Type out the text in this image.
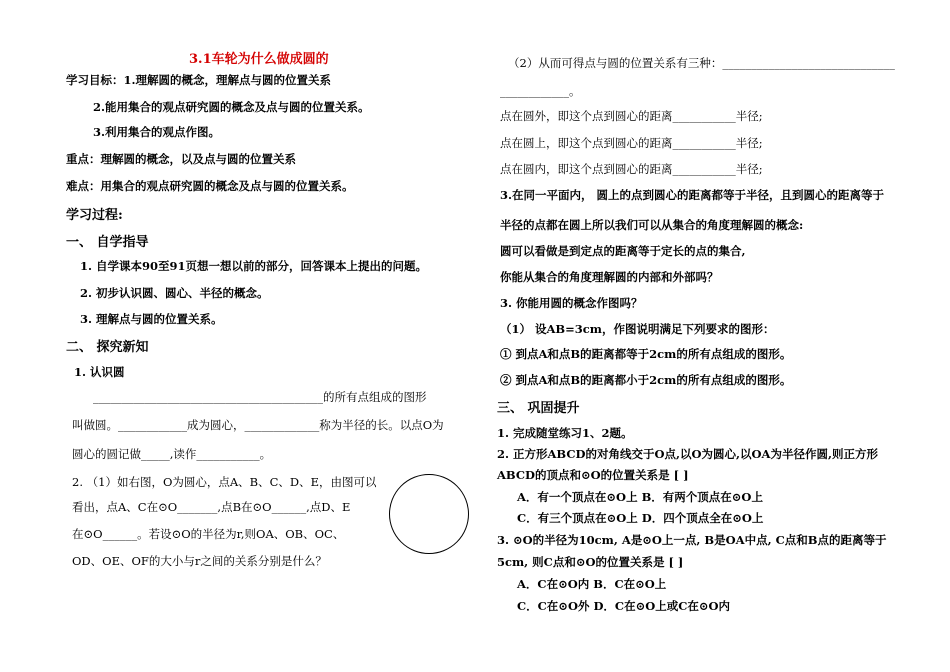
3.1车轮为什么做成圆的
学习目标：1.理解圆的概念，理解点与圆的位置关系
2.能用集合的观点研究圆的概念及点与圆的位置关系。
3.利用集合的观点作图。
重点：理解圆的概念，以及点与圆的位置关系
难点：用集合的观点研究圆的概念及点与圆的位置关系。
学习过程:
一、 自学指导
1. 自学课本90至91页想一想以前的部分，回答课本上提出的问题。
2. 初步认识圆、圆心、半径的概念。
3. 理解点与圆的位置关系。
二、 探究新知
1. 认识圆
________________________________________的所有点组成的图形
叫做圆。____________成为圆心，_____________称为半径的长。以点O为
圆心的圆记做_____,读作___________。
2. （1）如右图，O为圆心，点A、B、C、D、E，由图可以
看出，点A、C在⊙O_______,点B在⊙O______,点D、E
在⊙O______。若设⊙O的半径为r,则OA、OB、OC、
OD、OE、OF的大小与r之间的关系分别是什么？
（2）从而可得点与圆的位置关系有三种：______________________________
____________。
点在圆外，即这个点到圆心的距离___________半径;
点在圆上，即这个点到圆心的距离___________半径;
点在圆内，即这个点到圆心的距离___________半径;
3.在同一平面内， 圆上的点到圆心的距离都等于半径，且到圆心的距离等于
半径的点都在圆上所以我们可以从集合的角度理解圆的概念:
圆可以看做是到定点的距离等于定长的点的集合,
你能从集合的角度理解圆的内部和外部吗？
3. 你能用圆的概念作图吗？
（1） 设AB=3cm，作图说明满足下列要求的图形：
① 到点A和点B的距离都等于2cm的所有点组成的图形。
② 到点A和点B的距离都小于2cm的所有点组成的图形。
三、 巩固提升
1. 完成随堂练习1、2题。
2. 正方形ABCD的对角线交于O点,以O为圆心,以OA为半径作圆,则正方形
ABCD的顶点和⊙O的位置关系是 [ ]
A．有一个顶点在⊙O上 B．有两个顶点在⊙O上
C．有三个顶点在⊙O上 D．四个顶点全在⊙O上
3. ⊙O的半径为10cm, A是⊙O上一点, B是OA中点, C点和B点的距离等于
5cm, 则C点和⊙O的位置关系是 [ ]
A．C在⊙O内 B．C在⊙O上
C．C在⊙O外 D．C在⊙O上或C在⊙O内
